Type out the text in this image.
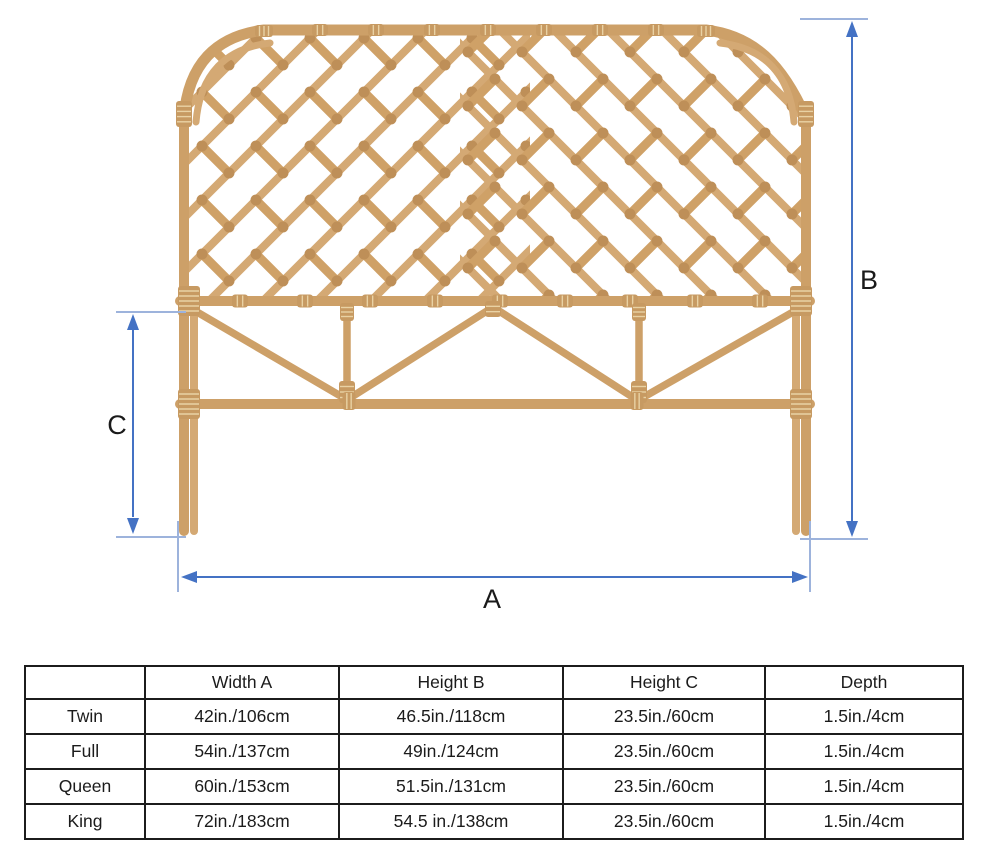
A
B
C
	Width A	Height B	Height C	Depth
Twin	42in./106cm	46.5in./118cm	23.5in./60cm	1.5in./4cm
Full	54in./137cm	49in./124cm	23.5in./60cm	1.5in./4cm
Queen	60in./153cm	51.5in./131cm	23.5in./60cm	1.5in./4cm
King	72in./183cm	54.5 in./138cm	23.5in./60cm	1.5in./4cm
